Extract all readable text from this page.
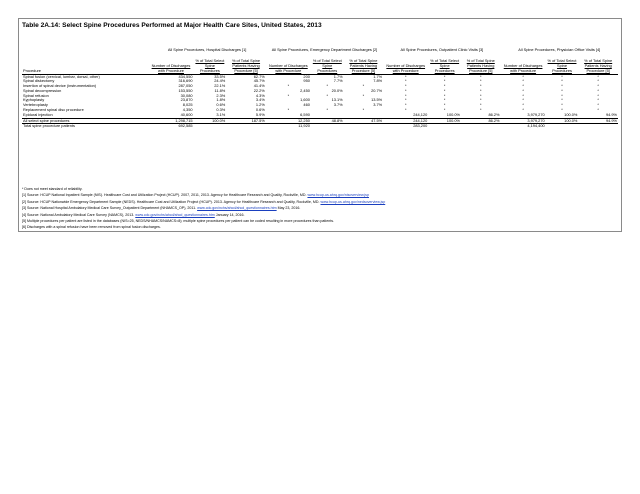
Table 2A.14: Select Spine Procedures Performed at Major Health Care Sites, United States, 2013
	All Spine Procedures, Hospital Discharges [1]			All Spine Procedures, Emergency Department Discharges [2]			All Spine Procedures, Outpatient Clinic Visits [3]			All Spine Procedures, Physician Office Visits [4]		
Procedure	Number of Discharges with Procedure	% of Total Select Spine Procedures	% of Total Spine Patients Having Procedure [5]	Number of Discharges with Procedure	% of Total Select Spine Procedures	% of Total Spine Patients Having Procedure [5]	Number of Discharges with Procedure	% of Total Select Spine Procedures	% of Total Spine Patients Having Procedure [5]	Number of Discharges with Procedure	% of Total Select Spine Procedures	% of Total Spine Patients Having Procedure [5]
Spinal fusion (cervical, lumbar, dorsal, other)	434,550	33.5%	62.7%	200	1.7%	1.7%	*	*	*	*	*	*
Spinal diskectomy	316,690	24.4%	45.7%	950	7.7%	7.8%	*	*	*	*	*	*
Insertion of spinal device (instrumentation)	287,050	22.1%	41.4%	*	*	*	*	*	*	*	*	*
Spinal decompression	153,550	11.8%	22.2%	2,450	20.0%	20.7%	*	*	*	*	*	*
Spinal refusion	30,080	2.3%	4.3%	*	*	*	*	*	*	*	*	*
Kyphoplasty	23,870	1.8%	3.4%	1,600	13.1%	13.5%	*	*	*	*	*	*
Vertebroplasty	8,025	0.6%	1.2%	460	3.7%	3.7%	*	*	*	*	*	*
Replacement spinal disc procedure	4,350	0.3%	0.6%	*	*	*	*	*	*	*	*	*
Epidural injection	40,600	3.1%	5.9%	6,590			244,120	100.0%	86.2%	3,979,270	100.0%	94.9%
All select spine procedures	1,298,715	100.0%	187.5%	12,250	48.8%	47.5%	244,120	100.0%	86.2%	3,979,270	100.0%	94.9%
Total spine procedure patients	692,585			11,920			283,200			4,194,400		
* Does not meet standard of reliability.
[1] Source: HCUP National Inpatient Sample (NIS). Healthcare Cost and Utilization Project (HCUP). 2007, 2011, 2013. Agency for Healthcare Research and Quality, Rockville, MD. www.hcup-us.ahrq.gov/nisoverview.jsp
[2] Source: HCUP Nationwide Emergency Department Sample (NEDS). Healthcare Cost and Utilization Project (HCUP). 2013. Agency for Healthcare Research and Quality, Rockville, MD. www.hcup-us.ahrq.gov/nedsoverview.jsp
[3] Source: National Hospital Ambulatory Medical Care Survey_Outpatient Department (NHAMCS_OP), 2011. www.cdc.gov/nchs/ahcd/ahcd_questionnaires.htm May 23, 2016.
[4] Source: National Ambulatory Medical Care Survey (NAMCS), 2013. www.cdc.gov/nchs/ahcd/ahcd_questionnaires.htm January 14, 2016.
[5] Multiple procedures per patient are listed in the databases (NIS=25, NEDS/NHAMCS/NAMCS=8); multiple spine procedures per patient can be coded resulting in more procedures than patients.
[6] Discharges with a spinal refusion have been removed from spinal fusion discharges.
